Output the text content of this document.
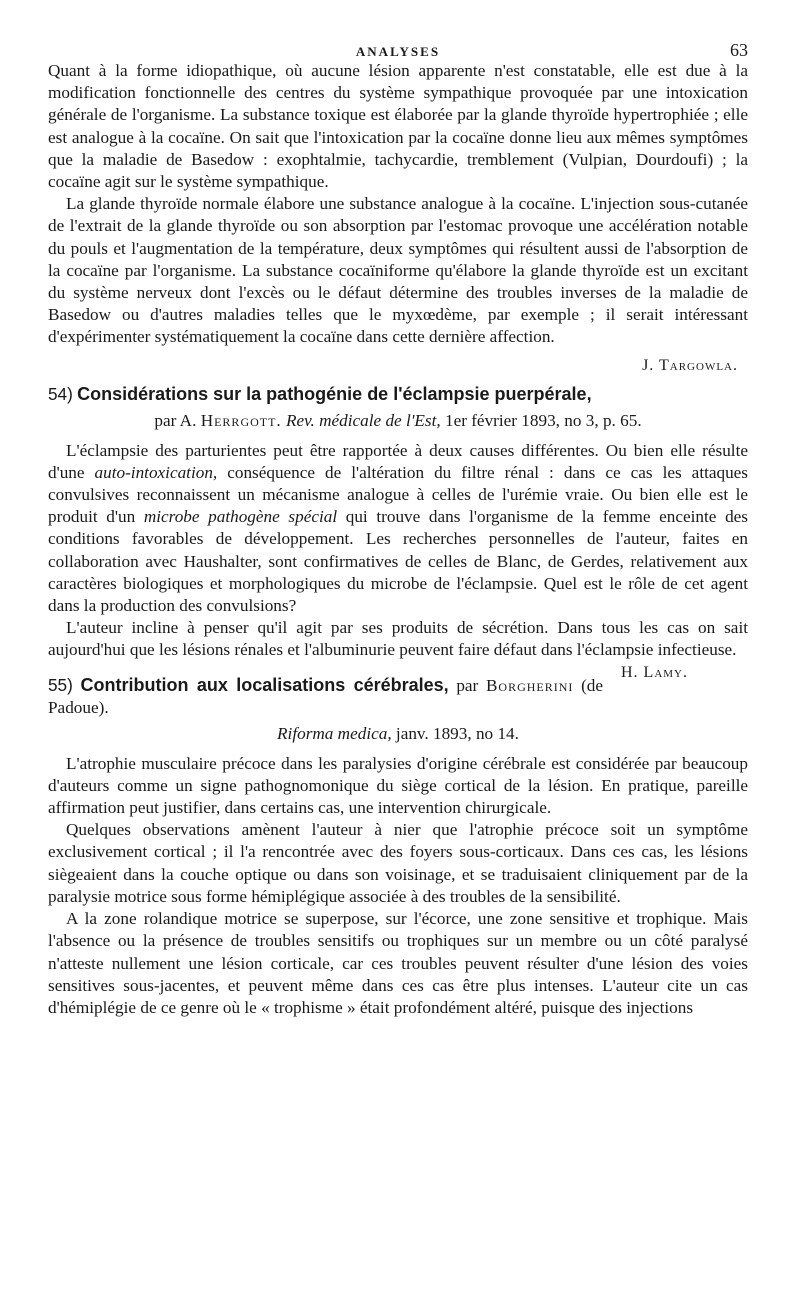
ANALYSES	63

Quant à la forme idiopathique, où aucune lésion apparente n'est constatable, elle est due à la modification fonctionnelle des centres du système sympathique provoquée par une intoxication générale de l'organisme. La substance toxique est élaborée par la glande thyroïde hypertrophiée ; elle est analogue à la cocaïne. On sait que l'intoxication par la cocaïne donne lieu aux mêmes symptômes que la maladie de Basedow : exophtalmie, tachycardie, tremblement (Vulpian, Dourdoufi) ; la cocaïne agit sur le système sympathique.

La glande thyroïde normale élabore une substance analogue à la cocaïne. L'injection sous-cutanée de l'extrait de la glande thyroïde ou son absorption par l'estomac provoque une accélération notable du pouls et l'augmentation de la température, deux symptômes qui résultent aussi de l'absorption de la cocaïne par l'organisme. La substance cocaïniforme qu'élabore la glande thyroïde est un excitant du système nerveux dont l'excès ou le défaut détermine des troubles inverses de la maladie de Basedow ou d'autres maladies telles que le myxœdème, par exemple ; il serait intéressant d'expérimenter systématiquement la cocaïne dans cette dernière affection.

J. Targowla.
54) Considérations sur la pathogénie de l'éclampsie puerpérale,
par A. Herrgott. Rev. médicale de l'Est, 1er février 1893, no 3, p. 65.

L'éclampsie des parturientes peut être rapportée à deux causes différentes. Ou bien elle résulte d'une auto-intoxication, conséquence de l'altération du filtre rénal : dans ce cas les attaques convulsives reconnaissent un mécanisme analogue à celles de l'urémie vraie. Ou bien elle est le produit d'un microbe pathogène spécial qui trouve dans l'organisme de la femme enceinte des conditions favorables de développement. Les recherches personnelles de l'auteur, faites en collaboration avec Haushalter, sont confirmatives de celles de Blanc, de Gerdes, relativement aux caractères biologiques et morphologiques du microbe de l'éclampsie. Quel est le rôle de cet agent dans la production des convulsions?

L'auteur incline à penser qu'il agit par ses produits de sécrétion. Dans tous les cas on sait aujourd'hui que les lésions rénales et l'albuminurie peuvent faire défaut dans l'éclampsie infectieuse.
H. Lamy.

55) Contribution aux localisations cérébrales, par Borgherini (de Padoue).
Riforma medica, janv. 1893, no 14.

L'atrophie musculaire précoce dans les paralysies d'origine cérébrale est considérée par beaucoup d'auteurs comme un signe pathognomonique du siège cortical de la lésion. En pratique, pareille affirmation peut justifier, dans certains cas, une intervention chirurgicale.

Quelques observations amènent l'auteur à nier que l'atrophie précoce soit un symptôme exclusivement cortical ; il l'a rencontrée avec des foyers sous-corticaux. Dans ces cas, les lésions siègeaient dans la couche optique ou dans son voisinage, et se traduisaient cliniquement par de la paralysie motrice sous forme hémiplégique associée à des troubles de la sensibilité.

A la zone rolandique motrice se superpose, sur l'écorce, une zone sensitive et trophique. Mais l'absence ou la présence de troubles sensitifs ou trophiques sur un membre ou un côté paralysé n'atteste nullement une lésion corticale, car ces troubles peuvent résulter d'une lésion des voies sensitives sous-jacentes, et peuvent même dans ces cas être plus intenses. L'auteur cite un cas d'hémiplégie de ce genre où le « trophisme » était profondément altéré, puisque des injections
